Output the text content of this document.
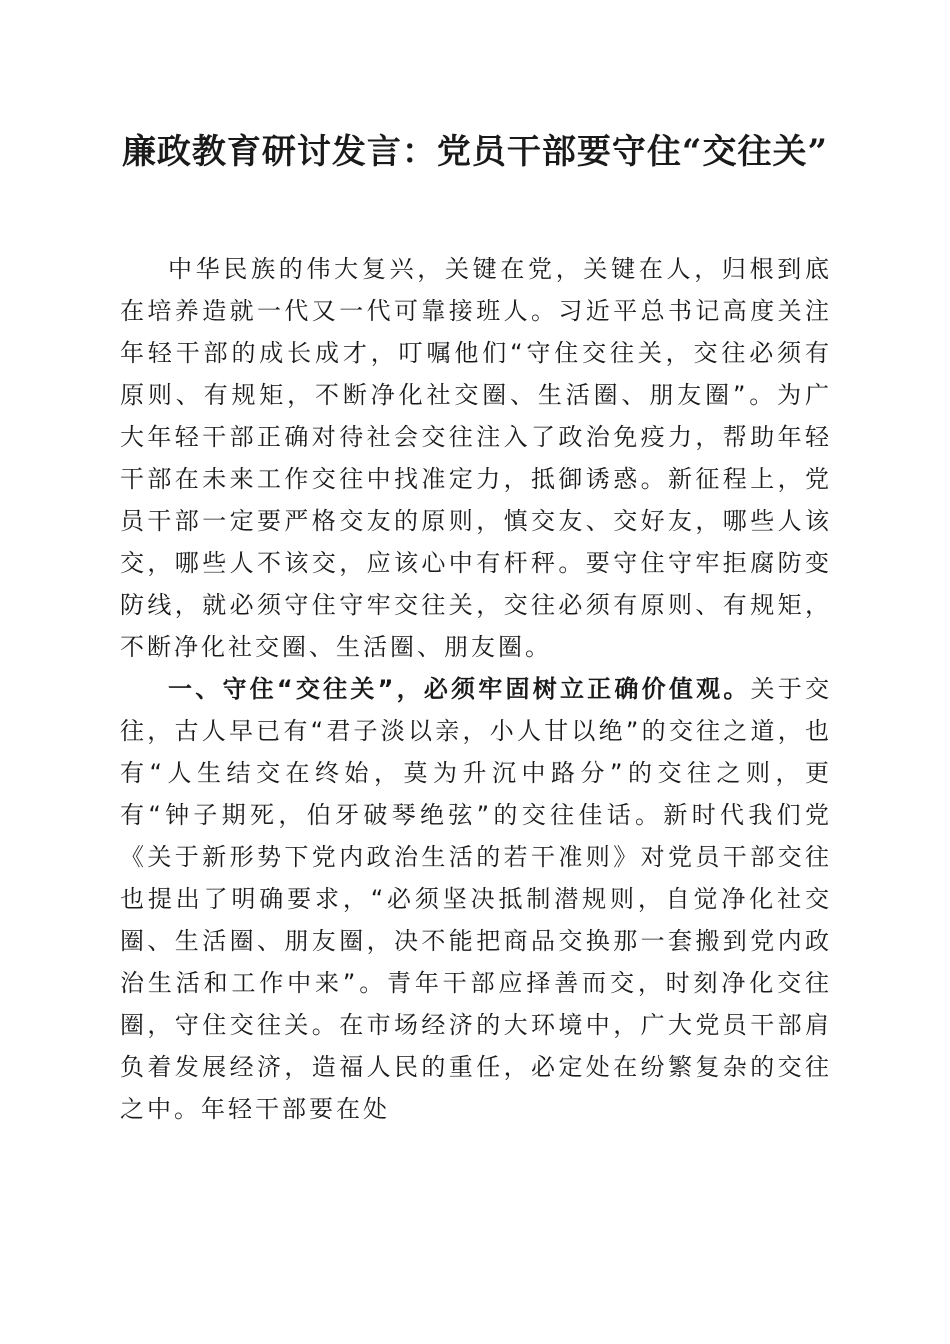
廉政教育研讨发言：党员干部要守住“交往关”

中华民族的伟大复兴，关键在党，关键在人，归根到底在培养造就一代又一代可靠接班人。习近平总书记高度关注年轻干部的成长成才，叮嘱他们“守住交往关，交往必须有原则、有规矩，不断净化社交圈、生活圈、朋友圈”。为广大年轻干部正确对待社会交往注入了政治免疫力，帮助年轻干部在未来工作交往中找准定力，抵御诱惑。新征程上，党员干部一定要严格交友的原则，慎交友、交好友，哪些人该交，哪些人不该交，应该心中有杆秤。要守住守牢拒腐防变防线，就必须守住守牢交往关，交往必须有原则、有规矩，不断净化社交圈、生活圈、朋友圈。

一、守住“交往关”，必须牢固树立正确价值观。关于交往，古人早已有“君子淡以亲，小人甘以绝”的交往之道，也有“人生结交在终始，莫为升沉中路分”的交往之则，更有“钟子期死，伯牙破琴绝弦”的交往佳话。新时代我们党《关于新形势下党内政治生活的若干准则》对党员干部交往也提出了明确要求，“必须坚决抵制潜规则，自觉净化社交圈、生活圈、朋友圈，决不能把商品交换那一套搬到党内政治生活和工作中来”。青年干部应择善而交，时刻净化交往圈，守住交往关。在市场经济的大环境中，广大党员干部肩负着发展经济，造福人民的重任，必定处在纷繁复杂的交往之中。年轻干部要在处
